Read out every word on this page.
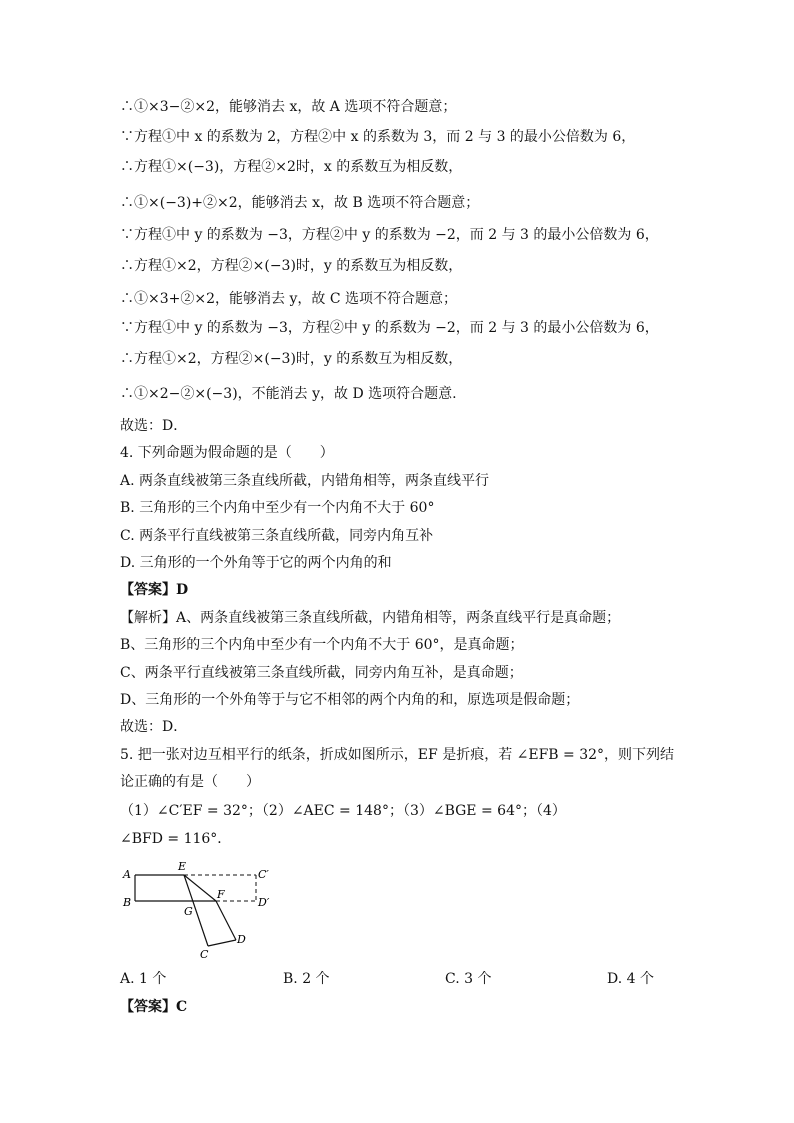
∴①×3−②×2，能够消去 x，故 A 选项不符合题意；
∵方程①中 x 的系数为 2，方程②中 x 的系数为 3，而 2 与 3 的最小公倍数为 6，
∴方程①×(−3)，方程②×2时，x 的系数互为相反数，
∴①×(−3)+②×2，能够消去 x，故 B 选项不符合题意；
∵方程①中 y 的系数为 −3，方程②中 y 的系数为 −2，而 2 与 3 的最小公倍数为 6，
∴方程①×2，方程②×(−3)时，y 的系数互为相反数，
∴①×3+②×2，能够消去 y，故 C 选项不符合题意；
∵方程①中 y 的系数为 −3，方程②中 y 的系数为 −2，而 2 与 3 的最小公倍数为 6，
∴方程①×2，方程②×(−3)时，y 的系数互为相反数，
∴①×2−②×(−3)，不能消去 y，故 D 选项符合题意.
故选：D．
4. 下列命题为假命题的是（　　）
A. 两条直线被第三条直线所截，内错角相等，两条直线平行
B. 三角形的三个内角中至少有一个内角不大于 60°
C. 两条平行直线被第三条直线所截，同旁内角互补
D. 三角形的一个外角等于它的两个内角的和
【答案】D
【解析】A、两条直线被第三条直线所截，内错角相等，两条直线平行是真命题；
B、三角形的三个内角中至少有一个内角不大于 60°，是真命题；
C、两条平行直线被第三条直线所截，同旁内角互补，是真命题；
D、三角形的一个外角等于与它不相邻的两个内角的和，原选项是假命题；
故选：D．
5. 把一张对边互相平行的纸条，折成如图所示，EF 是折痕，若 ∠EFB = 32°，则下列结
论正确的有是（　　）
（1）∠C′EF = 32°；（2）∠AEC = 148°；（3）∠BGE = 64°；（4）
∠BFD = 116°．
A
B
E
F
G
C′
D′
C
D
A. 1 个	B. 2 个	C. 3 个	D. 4 个
【答案】C
